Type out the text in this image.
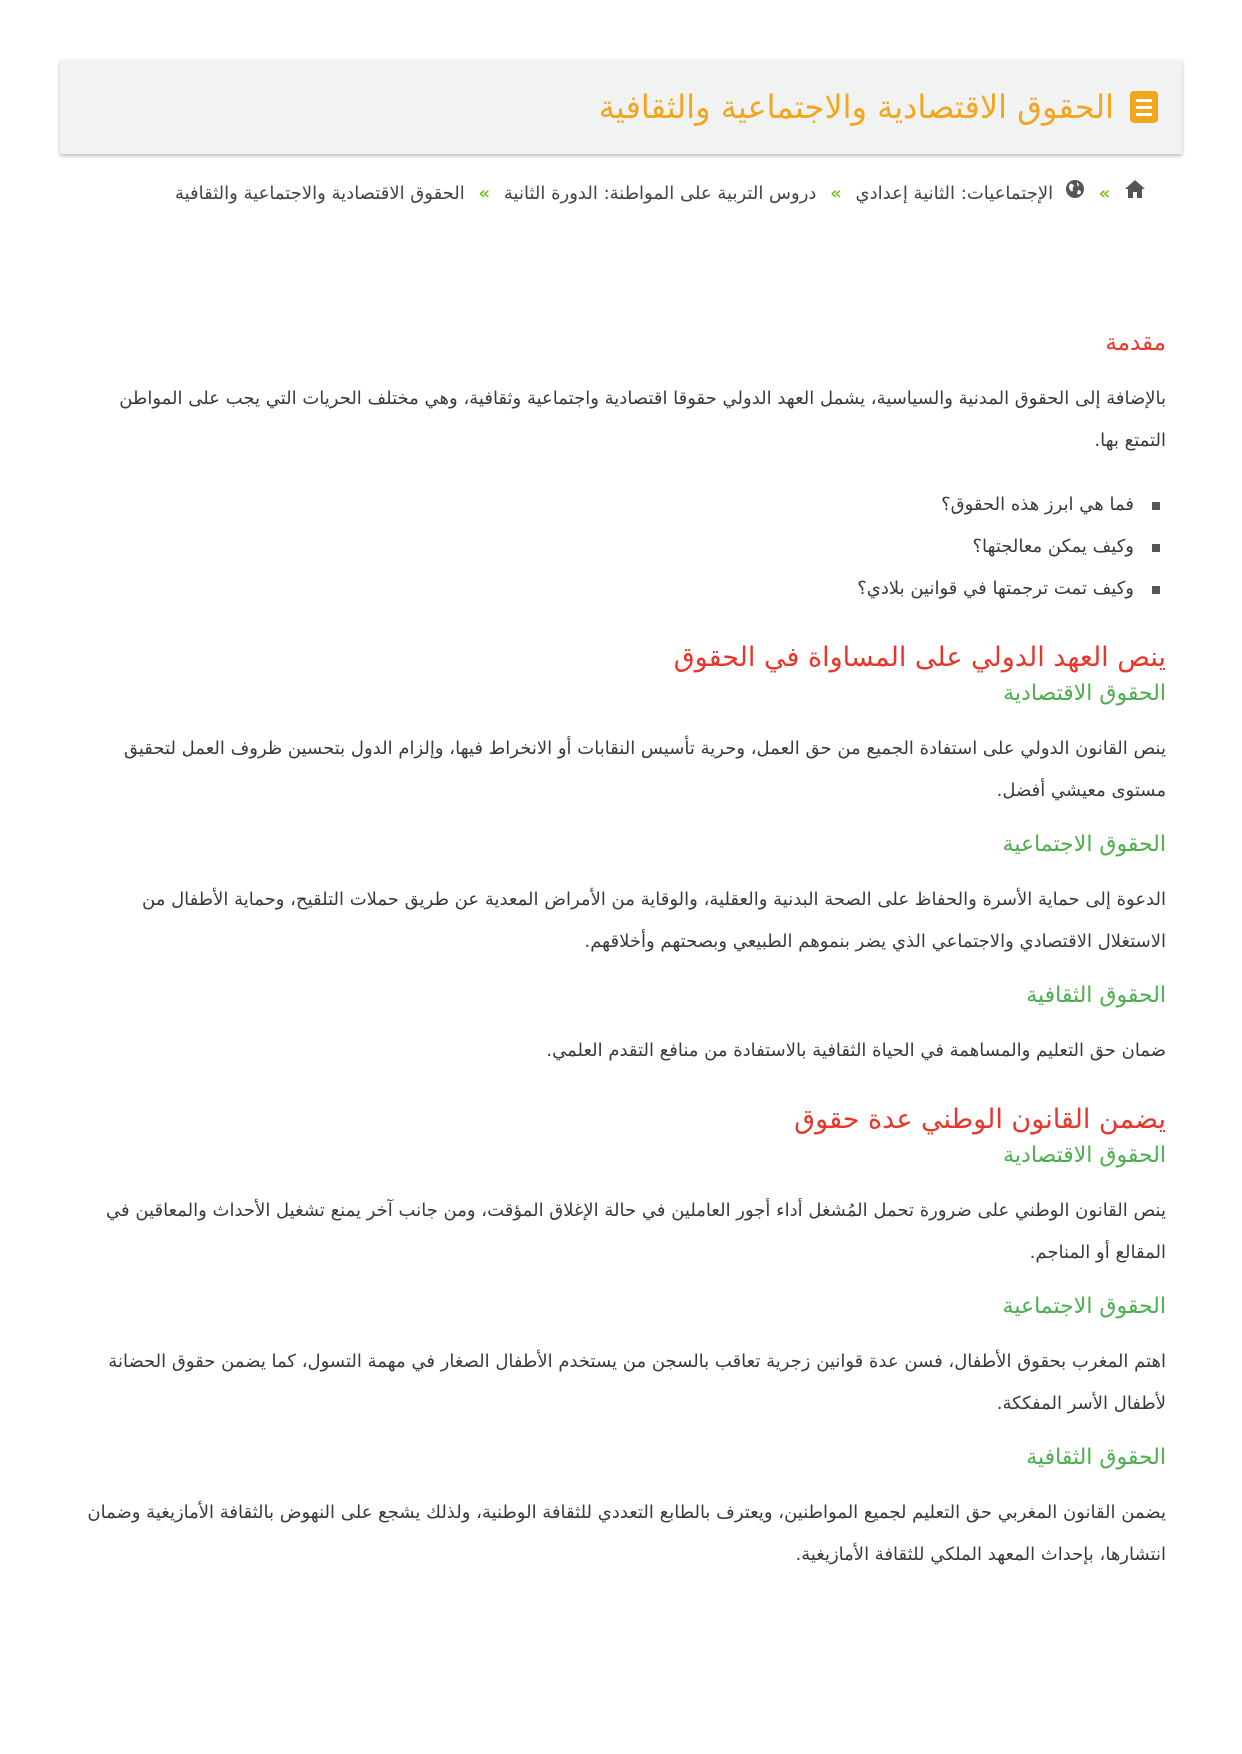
الحقوق الاقتصادية والاجتماعية والثقافية
»  الإجتماعيات: الثانية إعدادي » دروس التربية على المواطنة: الدورة الثانية » الحقوق الاقتصادية والاجتماعية والثقافية
مقدمة

بالإضافة إلى الحقوق المدنية والسياسية، يشمل العهد الدولي حقوقا اقتصادية واجتماعية وثقافية، وهي مختلف الحريات التي يجب على المواطن التمتع بها.

فما هي ابرز هذه الحقوق؟
وكيف يمكن معالجتها؟
وكيف تمت ترجمتها في قوانين بلادي؟
ينص العهد الدولي على المساواة في الحقوق
الحقوق الاقتصادية

ينص القانون الدولي على استفادة الجميع من حق العمل، وحرية تأسيس النقابات أو الانخراط فيها، وإلزام الدول بتحسين ظروف العمل لتحقيق مستوى معيشي أفضل.

الحقوق الاجتماعية

الدعوة إلى حماية الأسرة والحفاظ على الصحة البدنية والعقلية، والوقاية من الأمراض المعدية عن طريق حملات التلقيح، وحماية الأطفال من الاستغلال الاقتصادي والاجتماعي الذي يضر بنموهم الطبيعي وبصحتهم وأخلاقهم.

الحقوق الثقافية

ضمان حق التعليم والمساهمة في الحياة الثقافية بالاستفادة من منافع التقدم العلمي.

يضمن القانون الوطني عدة حقوق
الحقوق الاقتصادية

ينص القانون الوطني على ضرورة تحمل المُشغل أداء أجور العاملين في حالة الإغلاق المؤقت، ومن جانب آخر يمنع تشغيل الأحداث والمعاقين في المقالع أو المناجم.

الحقوق الاجتماعية

اهتم المغرب بحقوق الأطفال، فسن عدة قوانين زجرية تعاقب بالسجن من يستخدم الأطفال الصغار في مهمة التسول، كما يضمن حقوق الحضانة لأطفال الأسر المفككة.

الحقوق الثقافية

يضمن القانون المغربي حق التعليم لجميع المواطنين، ويعترف بالطابع التعددي للثقافة الوطنية، ولذلك يشجع على النهوض بالثقافة الأمازيغية وضمان انتشارها، بإحداث المعهد الملكي للثقافة الأمازيغية.
